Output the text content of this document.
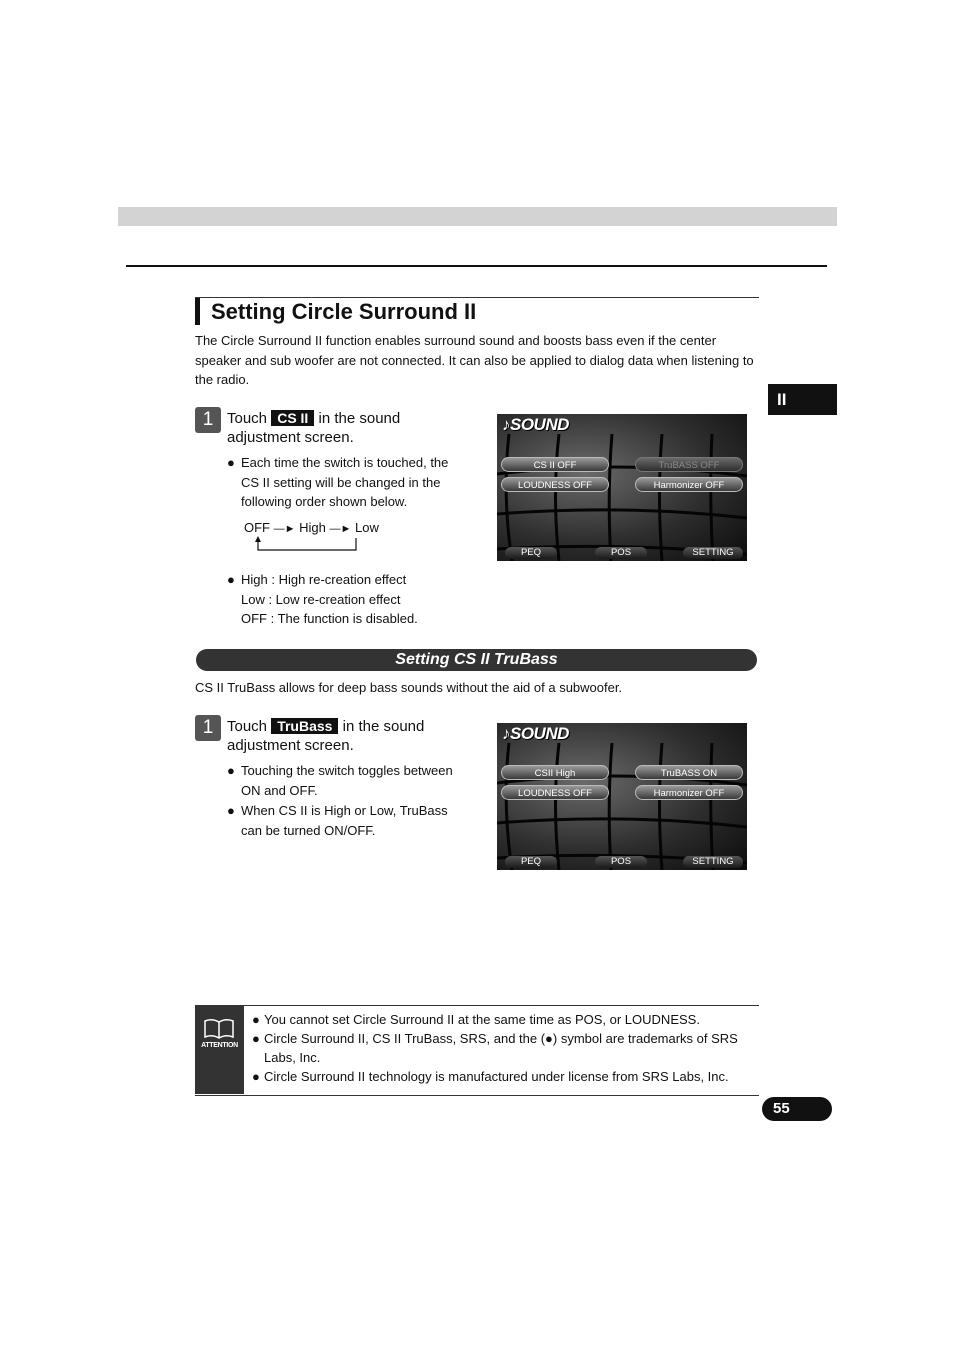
II
Setting Circle Surround II
The Circle Surround II function enables surround sound and boosts bass even if the center speaker and sub woofer are not connected. It can also be applied to dialog data when listening to the radio.
1 Touch CS II in the sound
adjustment screen.
● Each time the switch is touched, the CS II setting will be changed in the following order shown below.
OFF —► High —► Low
● High : High re-creation effect
Low : Low re-creation effect
OFF : The function is disabled.
♪SOUND
CS II OFF	TruBASS OFF
LOUDNESS OFF	Harmonizer OFF
PEQ	POS	SETTING
Setting CS II TruBass
CS II TruBass allows for deep bass sounds without the aid of a subwoofer.
1 Touch TruBass in the sound
adjustment screen.
● Touching the switch toggles between ON and OFF.
● When CS II is High or Low, TruBass can be turned ON/OFF.
♪SOUND
CSII High	TruBASS ON
LOUDNESS OFF	Harmonizer OFF
PEQ	POS	SETTING
ATTENTION
● You cannot set Circle Surround II at the same time as POS, or LOUDNESS.
● Circle Surround II, CS II TruBass, SRS, and the (●) symbol are trademarks of SRS Labs, Inc.
● Circle Surround II technology is manufactured under license from SRS Labs, Inc.
55
